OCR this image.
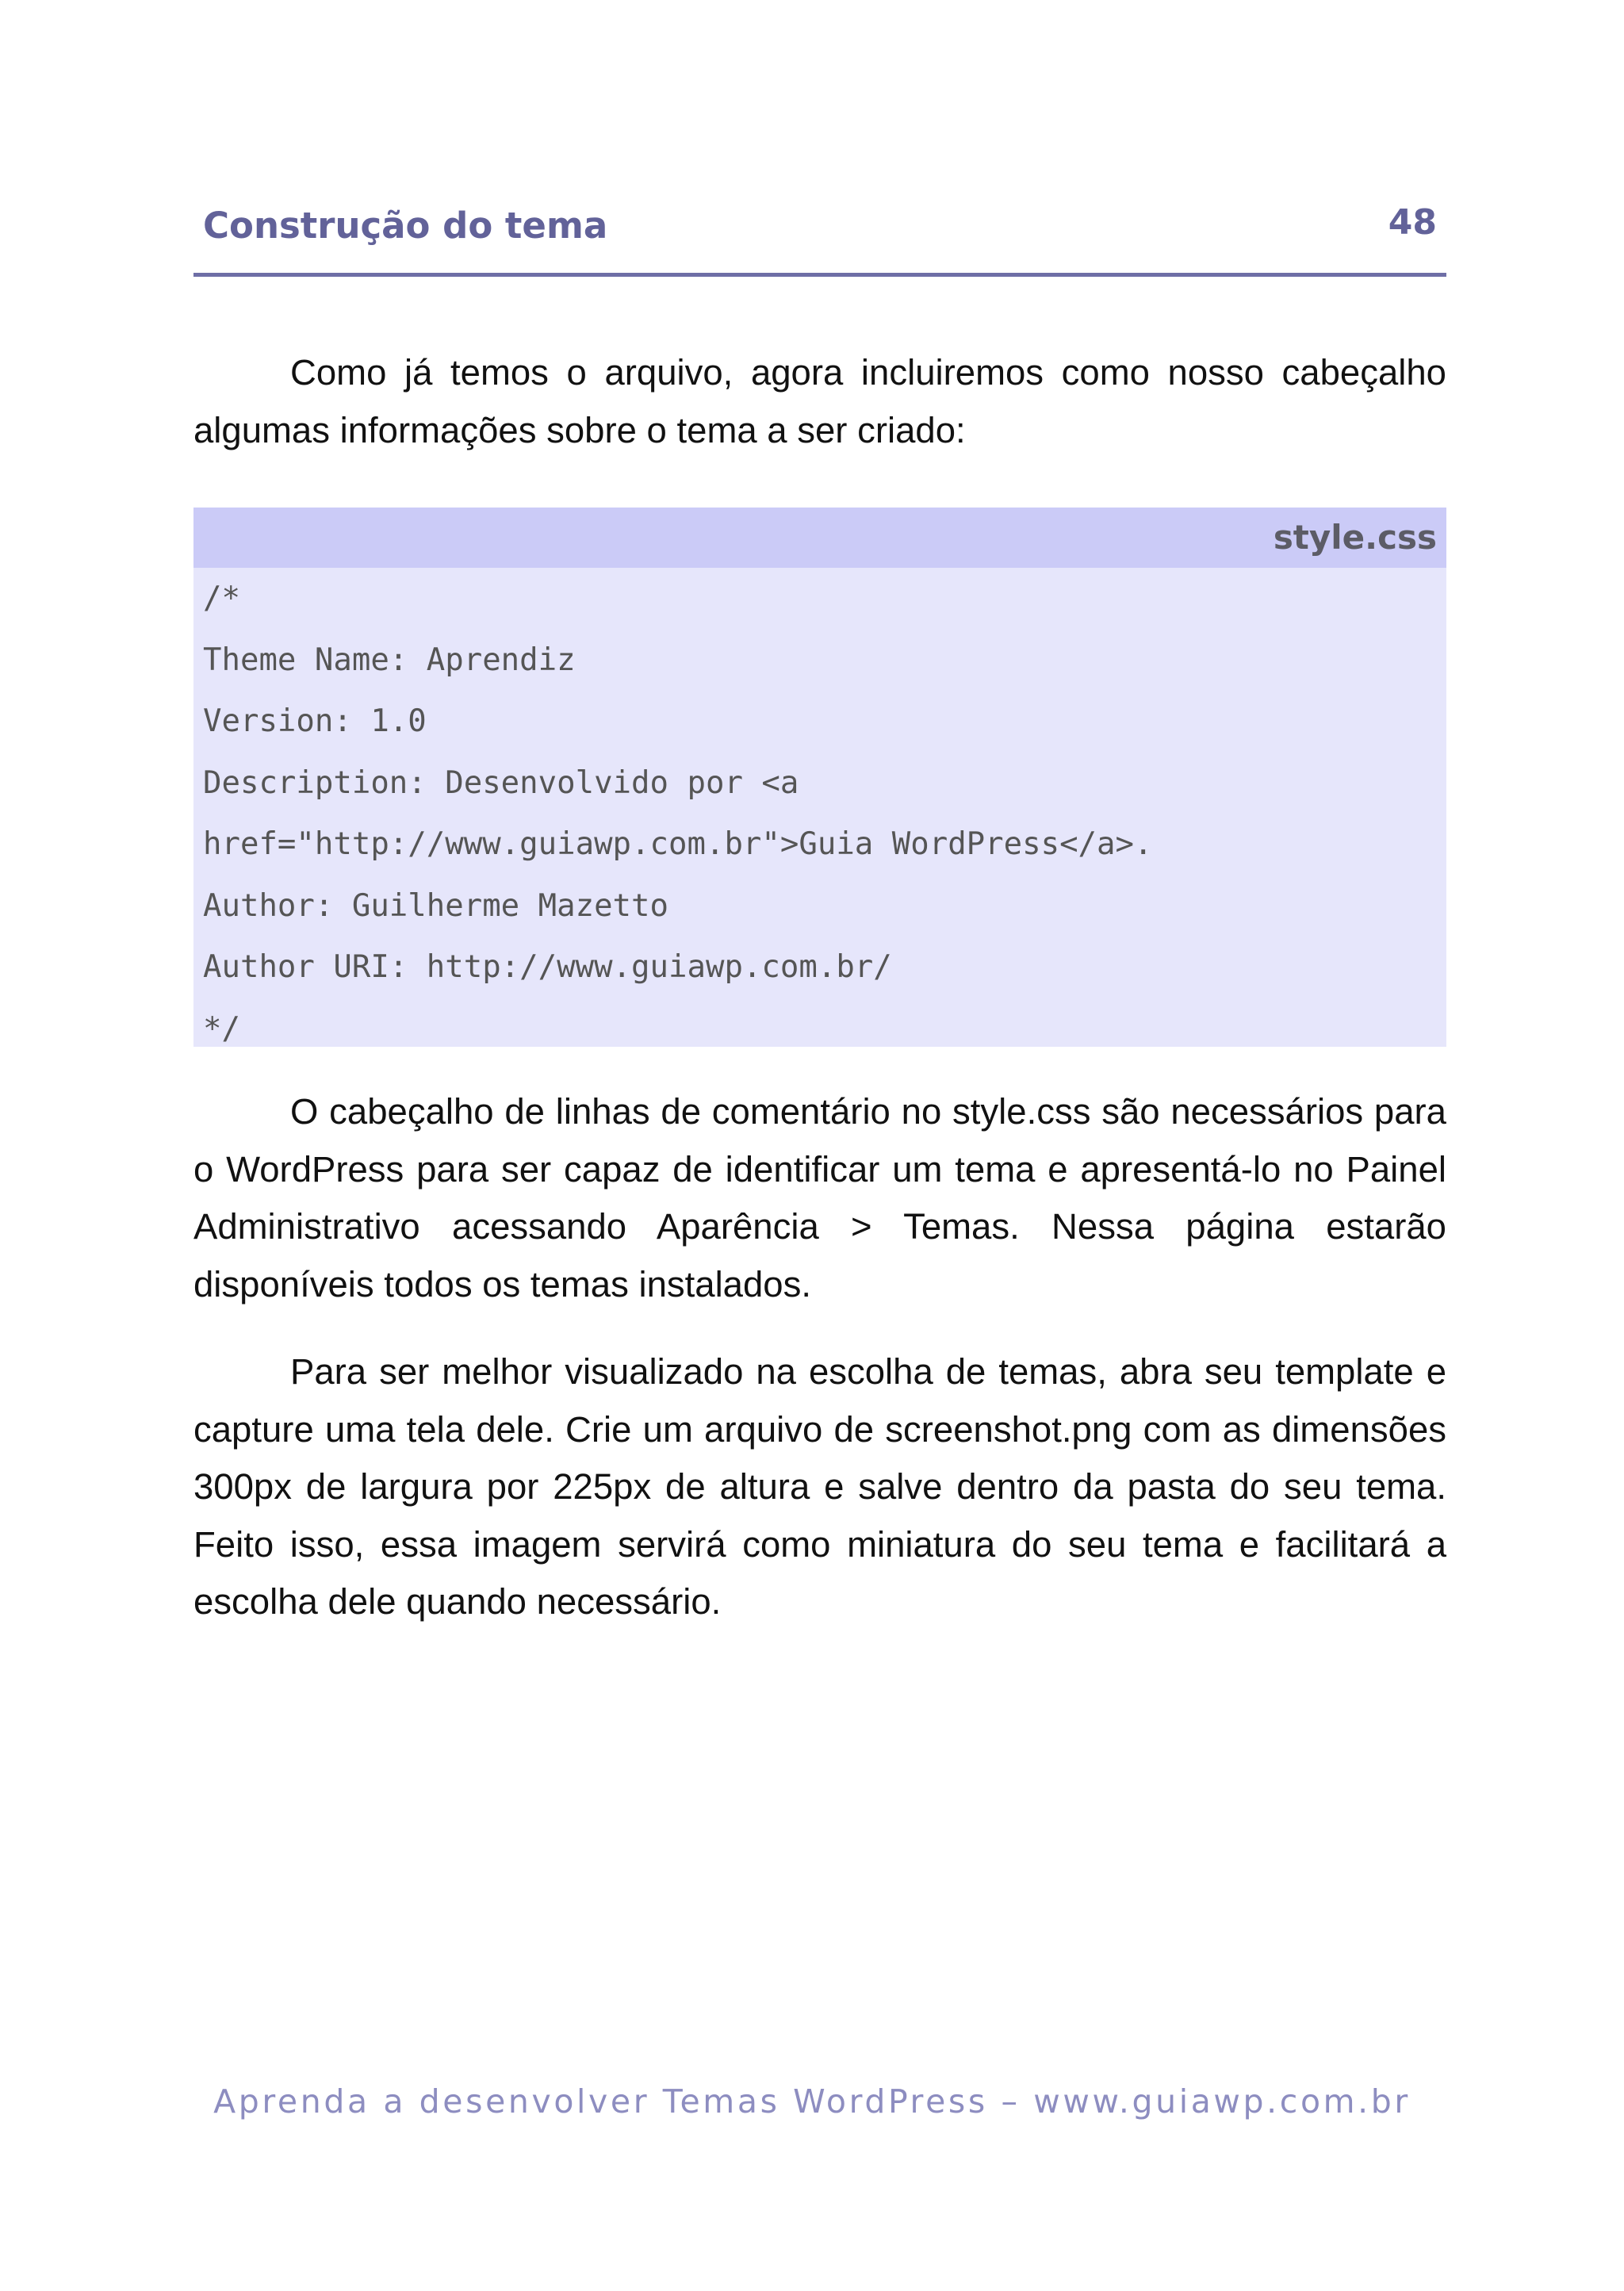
Construção do tema	48

Como já temos o arquivo, agora incluiremos como nosso cabeçalho algumas informações sobre o tema a ser criado:

style.css
/*
Theme Name: Aprendiz
Version: 1.0
Description: Desenvolvido por <a
href="http://www.guiawp.com.br">Guia WordPress</a>.
Author: Guilherme Mazetto
Author URI: http://www.guiawp.com.br/
*/

O cabeçalho de linhas de comentário no style.css são necessários para o WordPress para ser capaz de identificar um tema e apresentá-lo no Painel Administrativo acessando Aparência > Temas. Nessa página estarão disponíveis todos os temas instalados.

Para ser melhor visualizado na escolha de temas, abra seu template e capture uma tela dele. Crie um arquivo de screenshot.png com as dimensões 300px de largura por 225px de altura e salve dentro da pasta do seu tema. Feito isso, essa imagem servirá como miniatura do seu tema e facilitará a escolha dele quando necessário.

Aprenda a desenvolver Temas WordPress – www.guiawp.com.br
